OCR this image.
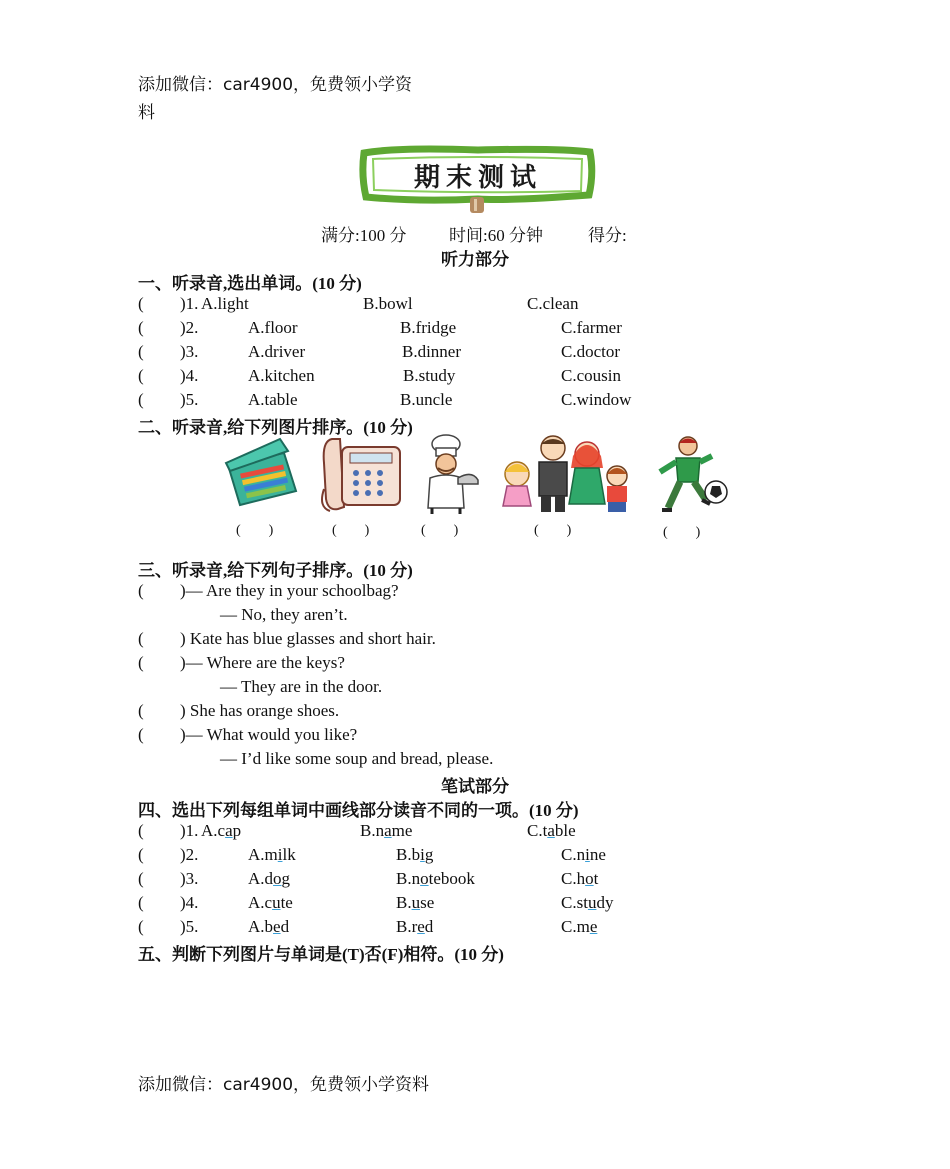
添加微信：car4900，免费领小学资
料
期末测试
满分:100 分	时间:60 分钟	得分:
听力部分
一、听录音,选出单词。(10 分)
( )1. A.light	B.bowl	C.clean
( )2.	A.floor	B.fridge	C.farmer
( )3.	A.driver	B.dinner	C.doctor
( )4.	A.kitchen	B.study	C.cousin
( )5.	A.table	B.uncle	C.window
二、听录音,给下列图片排序。(10 分)
(　　)	(　　)	(　　)	(　　)	(　　)
三、听录音,给下列句子排序。(10 分)
( )— Are they in your schoolbag?
— No, they aren’t.
( ) Kate has blue glasses and short hair.
( )— Where are the keys?
— They are in the door.
( ) She has orange shoes.
( )— What would you like?
— I’d like some soup and bread, please.
笔试部分
四、选出下列每组单词中画线部分读音不同的一项。(10 分)
( )1. A.cap	B.name	C.table
( )2.	A.milk	B.big	C.nine
( )3.	A.dog	B.notebook	C.hot
( )4.	A.cute	B.use	C.study
( )5.	A.bed	B.red	C.me
五、判断下列图片与单词是(T)否(F)相符。(10 分)
添加微信：car4900，免费领小学资料
